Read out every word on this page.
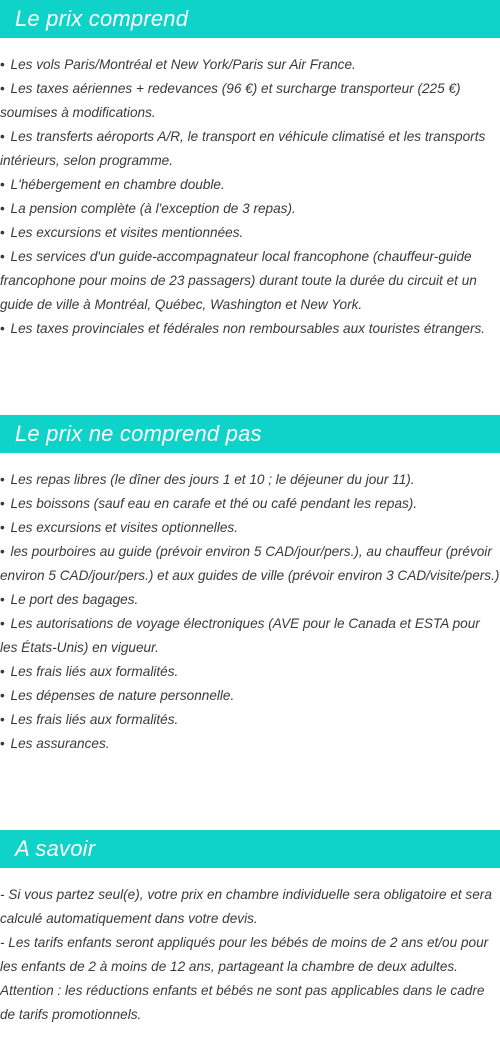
Le prix comprend
• Les vols Paris/Montréal et New York/Paris sur Air France.
• Les taxes aériennes + redevances (96 €) et surcharge transporteur (225 €) soumises à modifications.
• Les transferts aéroports A/R, le transport en véhicule climatisé et les transports intérieurs, selon programme.
• L'hébergement en chambre double.
• La pension complète (à l'exception de 3 repas).
• Les excursions et visites mentionnées.
• Les services d'un guide-accompagnateur local francophone (chauffeur-guide francophone pour moins de 23 passagers) durant toute la durée du circuit et un guide de ville à Montréal, Québec, Washington et New York.
• Les taxes provinciales et fédérales non remboursables aux touristes étrangers.
Le prix ne comprend pas
• Les repas libres (le dîner des jours 1 et 10 ; le déjeuner du jour 11).
• Les boissons (sauf eau en carafe et thé ou café pendant les repas).
• Les excursions et visites optionnelles.
• les pourboires au guide (prévoir environ 5 CAD/jour/pers.), au chauffeur (prévoir environ 5 CAD/jour/pers.) et aux guides de ville (prévoir environ 3 CAD/visite/pers.)
• Le port des bagages.
• Les autorisations de voyage électroniques (AVE pour le Canada et ESTA pour les États-Unis) en vigueur.
• Les frais liés aux formalités.
• Les dépenses de nature personnelle.
• Les frais liés aux formalités.
• Les assurances.
A savoir
- Si vous partez seul(e), votre prix en chambre individuelle sera obligatoire et sera calculé automatiquement dans votre devis.
- Les tarifs enfants seront appliqués pour les bébés de moins de 2 ans et/ou pour les enfants de 2 à moins de 12 ans, partageant la chambre de deux adultes.
Attention : les réductions enfants et bébés ne sont pas applicables dans le cadre de tarifs promotionnels.
